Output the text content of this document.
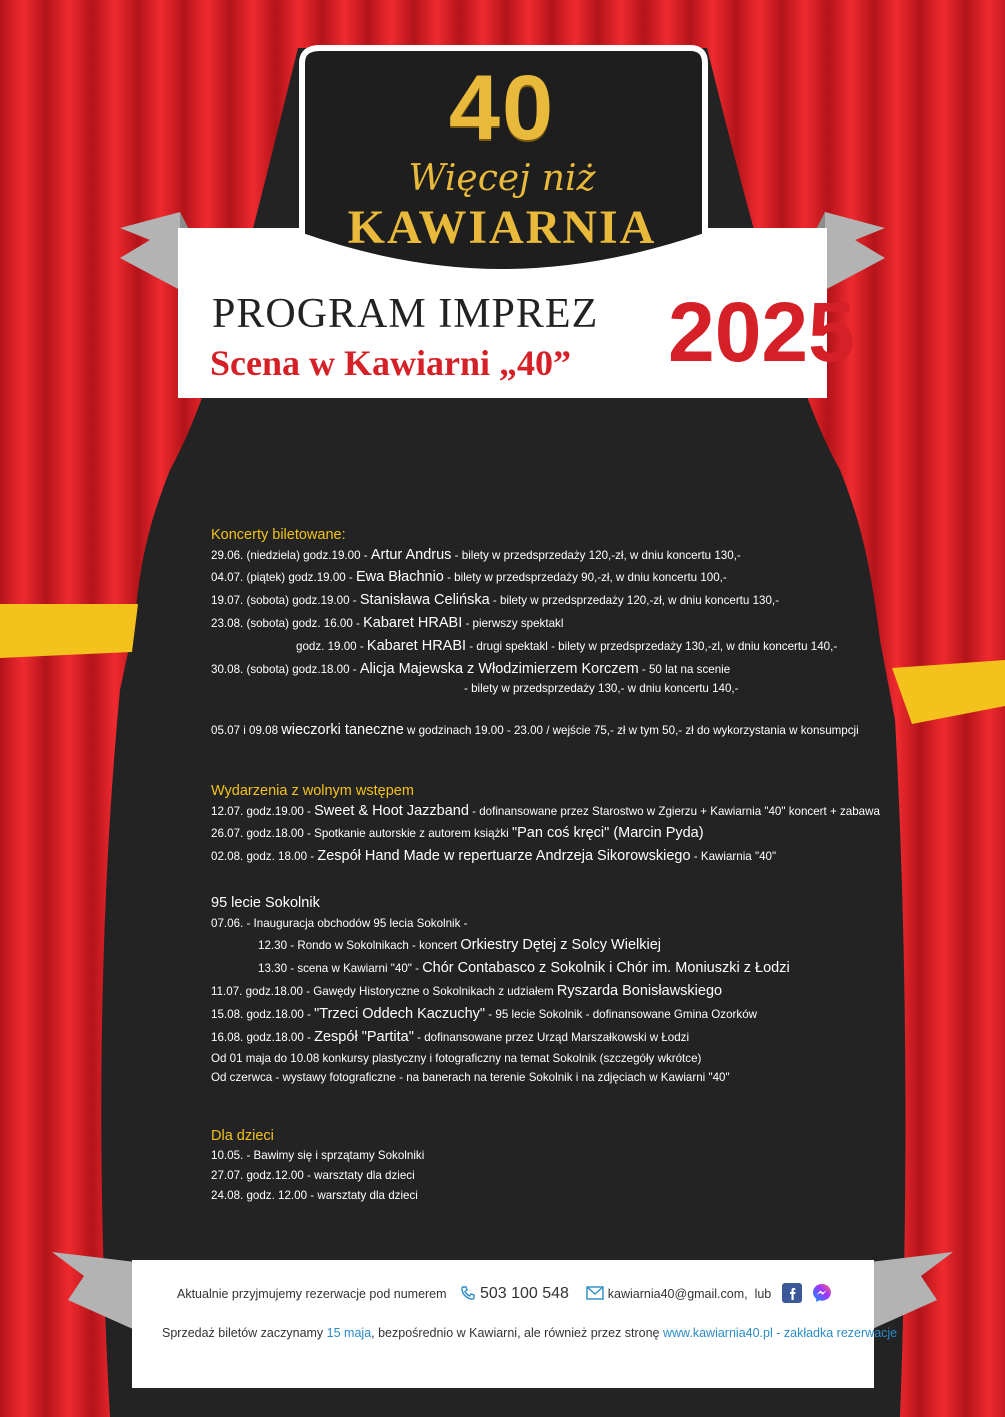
40
Więcej niż
KAWIARNIA
PROGRAM IMPREZ
Scena w Kawiarni „40” 2025
Koncerty biletowane:
29.06. (niedziela) godz.19.00 - Artur Andrus - bilety w przedsprzedaży 120,-zł, w dniu koncertu 130,-
04.07. (piątek) godz.19.00 - Ewa Błachnio - bilety w przedsprzedaży 90,-zł, w dniu koncertu 100,-
19.07. (sobota) godz.19.00 - Stanisława Celińska - bilety w przedsprzedaży 120,-zł, w dniu koncertu 130,-
23.08. (sobota) godz. 16.00 - Kabaret HRABI - pierwszy spektakl
godz. 19.00 - Kabaret HRABI - drugi spektakl - bilety w przedsprzedaży 130,-zl, w dniu koncertu 140,-
30.08. (sobota) godz.18.00 - Alicja Majewska z Włodzimierzem Korczem - 50 lat na scenie
- bilety w przedsprzedaży 130,- w dniu koncertu 140,-
05.07 i 09.08 wieczorki taneczne w godzinach 19.00 - 23.00 / wejście 75,- zł w tym 50,- zł do wykorzystania w konsumpcji
Wydarzenia z wolnym wstępem
12.07. godz.19.00 - Sweet & Hoot Jazzband - dofinansowane przez Starostwo w Zgierzu + Kawiarnia "40" koncert + zabawa
26.07. godz.18.00 - Spotkanie autorskie z autorem książki "Pan coś kręci" (Marcin Pyda)
02.08. godz. 18.00 - Zespół Hand Made w repertuarze Andrzeja Sikorowskiego - Kawiarnia "40"
95 lecie Sokolnik
07.06. - Inauguracja obchodów 95 lecia Sokolnik -
12.30 - Rondo w Sokolnikach - koncert Orkiestry Dętej z Solcy Wielkiej
13.30 - scena w Kawiarni "40" - Chór Contabasco z Sokolnik i Chór im. Moniuszki z Łodzi
11.07. godz.18.00 - Gawędy Historyczne o Sokolnikach z udziałem Ryszarda Bonisławskiego
15.08. godz.18.00 - "Trzeci Oddech Kaczuchy" - 95 lecie Sokolnik - dofinansowane Gmina Ozorków
16.08. godz.18.00 - Zespół "Partita" - dofinansowane przez Urząd Marszałkowski w Łodzi
Od 01 maja do 10.08 konkursy plastyczny i fotograficzny na temat Sokolnik (szczegóły wkrótce)
Od czerwca - wystawy fotograficzne - na banerach na terenie Sokolnik i na zdjęciach w Kawiarni "40"
Dla dzieci
10.05. - Bawimy się i sprzątamy Sokolniki
27.07. godz.12.00 - warsztaty dla dzieci
24.08. godz. 12.00 - warsztaty dla dzieci
Aktualnie przyjmujemy rezerwacje pod numerem 503 100 548	kawiarnia40@gmail.com, lub
Sprzedaż biletów zaczynamy 15 maja, bezpośrednio w Kawiarni, ale również przez stronę www.kawiarnia40.pl - zakładka rezerwacje
